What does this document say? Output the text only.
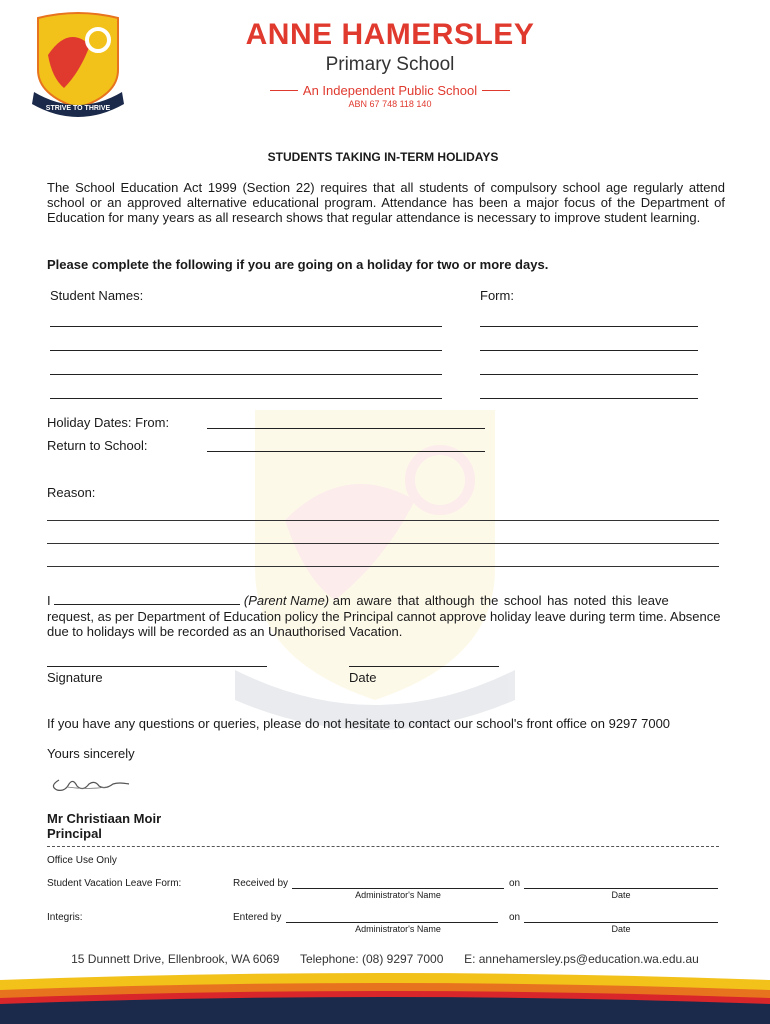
STRIVE TO THRIVE
ANNE HAMERSLEY
Primary School
An Independent Public School
ABN 67 748 118 140
STUDENTS TAKING IN-TERM HOLIDAYS
The School Education Act 1999 (Section 22) requires that all students of compulsory school age regularly attend school or an approved alternative educational program. Attendance has been a major focus of the Department of Education for many years as all research shows that regular attendance is necessary to improve student learning.
Please complete the following if you are going on a holiday for two or more days.
Student Names:	Form:
Holiday Dates: From:
Return to School:
Reason:
I	(Parent Name) am aware that although the school has noted this leave
request, as per Department of Education policy the Principal cannot approve holiday leave during term time. Absence due to holidays will be recorded as an Unauthorised Vacation.
Signature	Date
If you have any questions or queries, please do not hesitate to contact our school's front office on 9297 7000
Yours sincerely
Mr Christiaan Moir
Principal
Office Use Only
Student Vacation Leave Form:	Received by	on
Administrator's Name	Date
Integris:	Entered by	on
Administrator's Name	Date
15 Dunnett Drive, Ellenbrook, WA 6069 Telephone: (08) 9297 7000 E: annehamersley.ps@education.wa.edu.au
